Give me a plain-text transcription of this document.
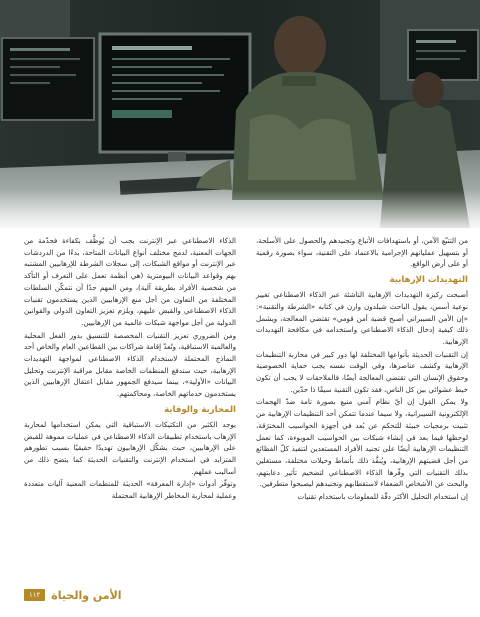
من التتبّع الآمن، أو باستهدافات الأتباع وتجنيدهم والحصول على الأسلحة، أو بتسهيل عملياتهم الإجرامية بالاعتماد على التقنية، سواء بصورة رقمية أو على أرض الواقع.

التهديدات الإرهابية

أصبحت ركيزة التهديدات الإرهابية الناشئة عبر الذكاء الاصطناعي تغيير نوعية أسس، يقول الباحث شيلدون وارن في كتابه «الشرطة والتقنية»: «إن الأمن السيبراني أصبح قضية أمن قومي» تقتضي المعالجة، ويشمل ذلك كيفية إدخال الذكاء الاصطناعي واستخدامه في مكافحة التهديدات الإرهابية.

إن التقنيات الحديثة بأنواعها المختلفة لها دور كبير في محاربة التنظيمات الإرهابية وكشف عناصرها، وفي الوقت نفسه يجب حماية الخصوصية وحقوق الإنسان التي تقتضي المعالجة أيضًا، فالملاحقات لا يجب أن تكون خيط عشوائي بين كل الناس، فقد تكون التقنية سيفًا ذا حدّين.

ولا يمكن القول إن أيّ نظام آمني منيع بصورة تامة ضدّ الهجمات الإلكترونية السيبرانية، ولا سيما عندما تتمكن أحد التنظيمات الإرهابية من تثبيت برمجيات خبيثة للتحكم عن بُعد في أجهزة الحواسيب المخترَقة، لوحظها فيما بعد في إنشاء شبكات بين الحواسيب الموبوءة، كما تعمل التنظيمات الإرهابية أيضًا على تجنيد الأفراد المستعدين لتنفيذ كلّ الفظائع من أجل قضيتهم الإرهابية، ويُنفَّذ ذلك بأنماط وحيلات مختلفة، مستغلين بذلك التقنيات التي وفّرها الذكاء الاصطناعي لتضخيم تأثير دعايتهم، والبحث عن الأشخاص الضعفاء لاستقطابهم وتجنيدهم ليصبحوا متطرفين.

إن استخدام التحليل الأكثر دقّة للمعلومات باستخدام تقنيات

الذكاء الاصطناعي عبر الإنترنت يجب أن يُوظَّف بكفاءة فحدّمة من الجهات المعنية، لدمج مختلف أنواع البيانات المتاحة، بدءًا من الدردشات عبر الإنترنت أو مواقع الشبكات، إلى سجلات الشرطة للإرهابيين المشتبه بهم وقواعد البيانات البيومترية (هي أنظمة تعمل على التعرف أو التأكد من شخصية الأفراد بطريقة آلية)، ومن المهم جدًا أن تتمكّن السلطات المختلفة من التعاون من أجل منع الإرهابيين الذين يستخدمون تقنيات الذكاء الاصطناعي والقبض عليهم، ويلزم تعزيز التعاون الدولي والقوانين الدولية من أجل مواجهة شبكات عالمية من الإرهابيين.

ومن الضروري تعزيز التقنيات المخصصة للتنسيق بدور الفعل المحلية والعالمية الاستباقية، وتُعدّ إقامة شراكات بين القطاعين العام والخاص أحد النماذج المحتملة لاستخدام الذكاء الاصطناعي لمواجهة التهديدات الإرهابية، حيث ستدفع المنظمات الخاصة مقابل مراقبة الإنترنت وتحليل البيانات «الأولية»، بينما سيدفع الجمهور مقابل اعتقال الإرهابيين الذين يستخدمون خدماتهم الخاصة، ومحاكمتهم.

المحاربة والوقاية

يوجد الكثير من التكتيكات الاستباقية التي يمكن استخدامها لمحاربة الإرهاب باستخدام تطبيقات الذكاء الاصطناعي في عمليات مموهة للقبض على الإرهابيين، حيث يشكّل الإرهابيون تهديدًا حقيقيًا بسبب تطورهم المتزايد في استخدام الإنترنت والتقنيات الحديثة كما يتضح ذلك من أساليب عملهم.

وتوفّر أدوات «إدارة المعرفة» الحديثة للمنظمات المعنية آليات متعددة وعملية لمحاربة المخاطر الإرهابية المحتملة

١١٢	الأمن والحياة
